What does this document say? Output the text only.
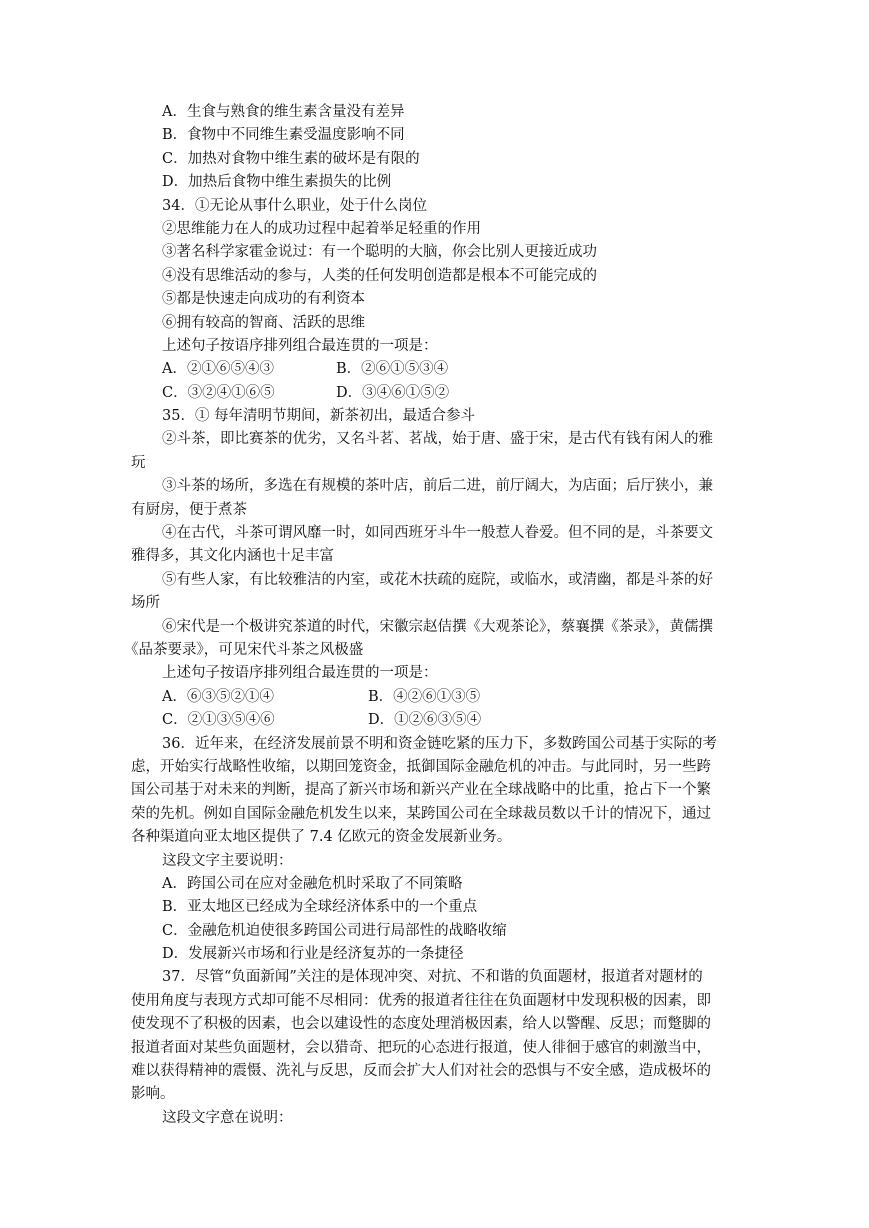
A．生食与熟食的维生素含量没有差异
B．食物中不同维生素受温度影响不同
C．加热对食物中维生素的破坏是有限的
D．加热后食物中维生素损失的比例
34．①无论从事什么职业，处于什么岗位
②思维能力在人的成功过程中起着举足轻重的作用
③著名科学家霍金说过：有一个聪明的大脑，你会比别人更接近成功
④没有思维活动的参与，人类的任何发明创造都是根本不可能完成的
⑤都是快速走向成功的有利资本
⑥拥有较高的智商、活跃的思维
上述句子按语序排列组合最连贯的一项是：
A．②①⑥⑤④③	B．②⑥①⑤③④
C．③②④①⑥⑤	D．③④⑥①⑤②
35．① 每年清明节期间，新茶初出，最适合参斗
②斗茶，即比赛茶的优劣，又名斗茗、茗战，始于唐、盛于宋，是古代有钱有闲人的雅
玩
③斗茶的场所，多选在有规模的茶叶店，前后二进，前厅阔大，为店面；后厅狭小，兼
有厨房，便于煮茶
④在古代，斗茶可谓风靡一时，如同西班牙斗牛一般惹人眷爱。但不同的是，斗茶要文
雅得多，其文化内涵也十足丰富
⑤有些人家，有比较雅洁的内室，或花木扶疏的庭院，或临水，或清幽，都是斗茶的好
场所
⑥宋代是一个极讲究茶道的时代，宋徽宗赵佶撰《大观茶论》，蔡襄撰《茶录》，黄儒撰
《品茶要录》，可见宋代斗茶之风极盛
上述句子按语序排列组合最连贯的一项是：
A．⑥③⑤②①④	B．④②⑥①③⑤
C．②①③⑤④⑥	D．①②⑥③⑤④
36．近年来，在经济发展前景不明和资金链吃紧的压力下，多数跨国公司基于实际的考
虑，开始实行战略性收缩，以期回笼资金，抵御国际金融危机的冲击。与此同时，另一些跨
国公司基于对未来的判断，提高了新兴市场和新兴产业在全球战略中的比重，抢占下一个繁
荣的先机。例如自国际金融危机发生以来，某跨国公司在全球裁员数以千计的情况下，通过
各种渠道向亚太地区提供了 7.4 亿欧元的资金发展新业务。
这段文字主要说明：
A．跨国公司在应对金融危机时采取了不同策略
B．亚太地区已经成为全球经济体系中的一个重点
C．金融危机迫使很多跨国公司进行局部性的战略收缩
D．发展新兴市场和行业是经济复苏的一条捷径
37．尽管“负面新闻”关注的是体现冲突、对抗、不和谐的负面题材，报道者对题材的
使用角度与表现方式却可能不尽相同：优秀的报道者往往在负面题材中发现积极的因素，即
使发现不了积极的因素，也会以建设性的态度处理消极因素，给人以警醒、反思；而蹩脚的
报道者面对某些负面题材，会以猎奇、把玩的心态进行报道，使人徘徊于感官的刺激当中，
难以获得精神的震慑、洗礼与反思，反而会扩大人们对社会的恐惧与不安全感，造成极坏的
影响。
这段文字意在说明：
